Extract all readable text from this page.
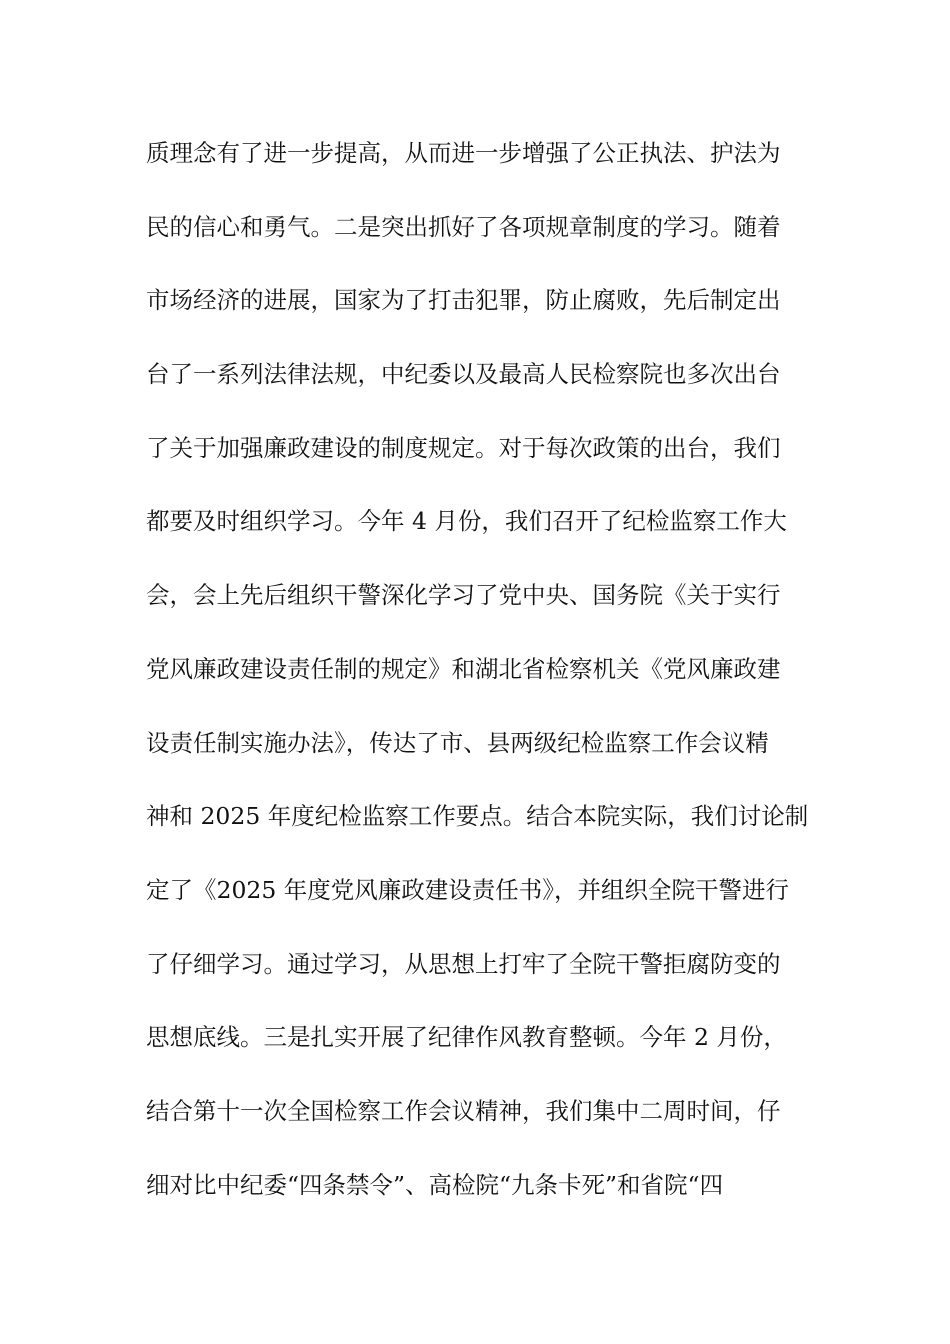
质理念有了进一步提高，从而进一步增强了公正执法、护法为
民的信心和勇气。二是突出抓好了各项规章制度的学习。随着
市场经济的进展，国家为了打击犯罪，防止腐败，先后制定出
台了一系列法律法规，中纪委以及最高人民检察院也多次出台
了关于加强廉政建设的制度规定。对于每次政策的出台，我们
都要及时组织学习。今年 4 月份，我们召开了纪检监察工作大
会，会上先后组织干警深化学习了党中央、国务院《关于实行
党风廉政建设责任制的规定》和湖北省检察机关《党风廉政建
设责任制实施办法》，传达了市、县两级纪检监察工作会议精
神和 2025 年度纪检监察工作要点。结合本院实际，我们讨论制
定了《2025 年度党风廉政建设责任书》，并组织全院干警进行
了仔细学习。通过学习，从思想上打牢了全院干警拒腐防变的
思想底线。三是扎实开展了纪律作风教育整顿。今年 2 月份，
结合第十一次全国检察工作会议精神，我们集中二周时间，仔
细对比中纪委“四条禁令”、高检院“九条卡死”和省院“四
